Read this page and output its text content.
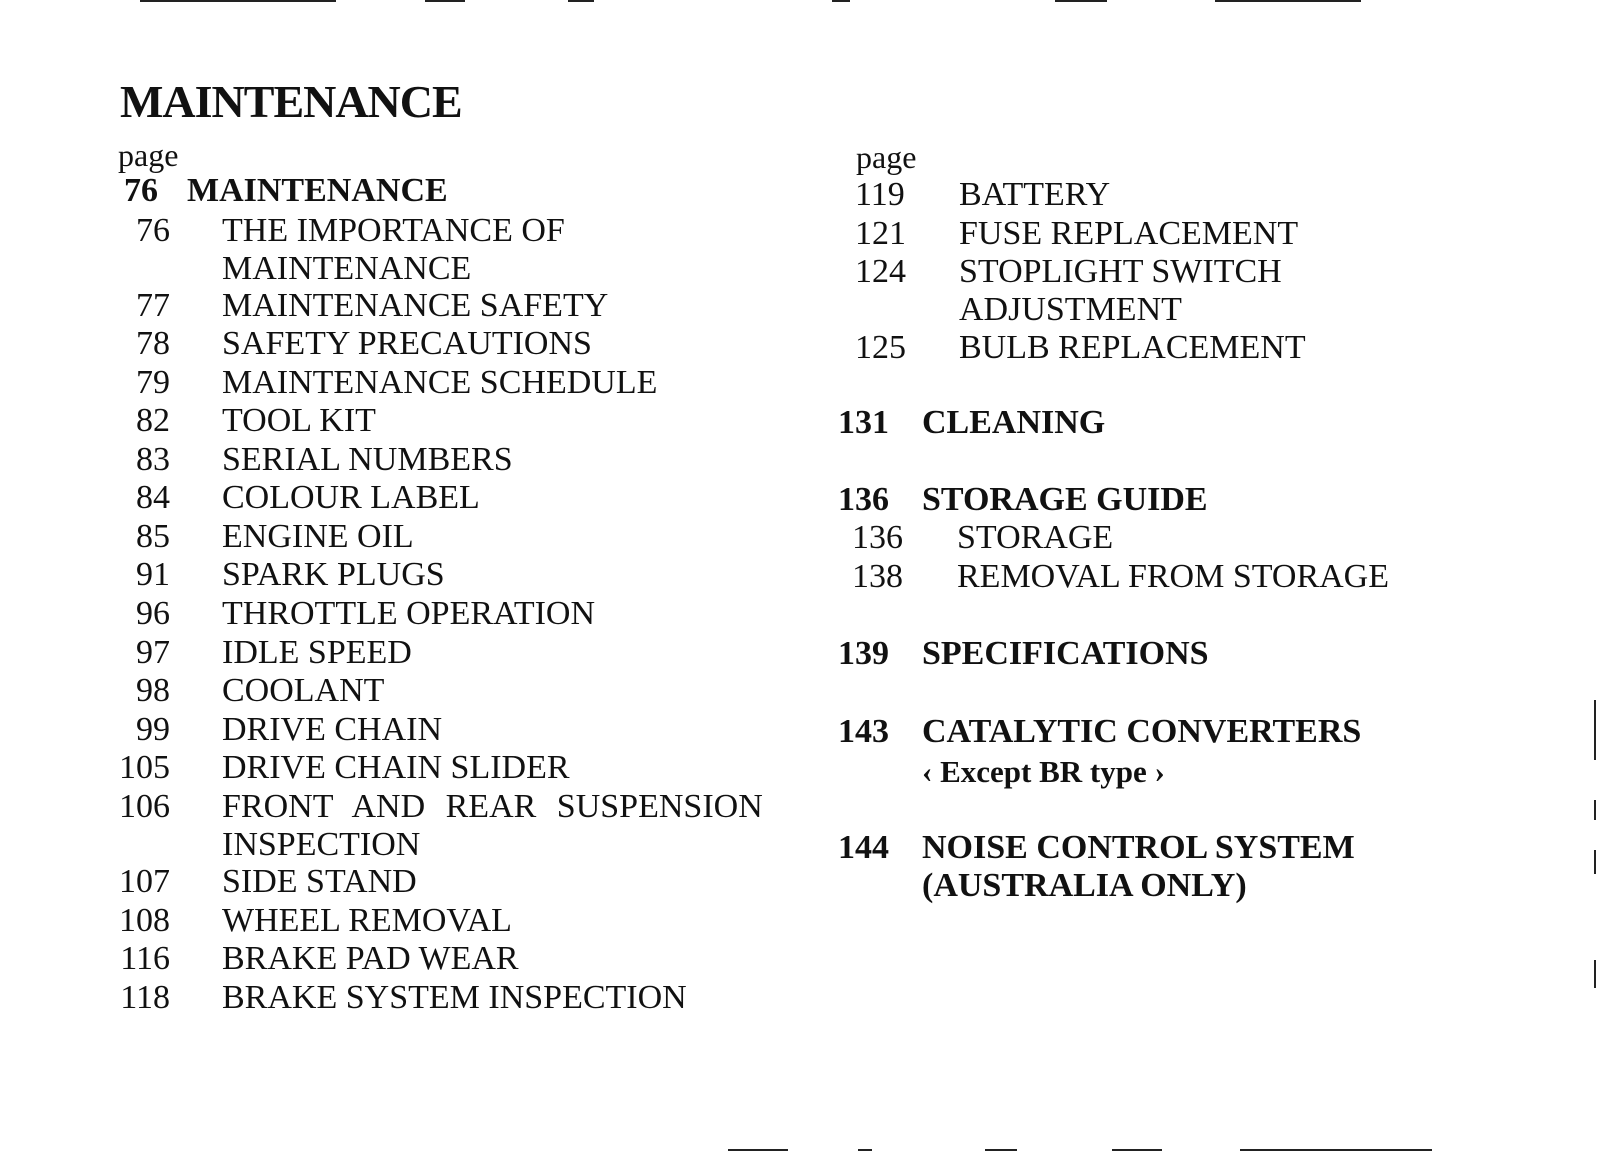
MAINTENANCE
page
76 MAINTENANCE
76 THE IMPORTANCE OF
MAINTENANCE
77 MAINTENANCE SAFETY
78 SAFETY PRECAUTIONS
79 MAINTENANCE SCHEDULE
82 TOOL KIT
83 SERIAL NUMBERS
84 COLOUR LABEL
85 ENGINE OIL
91 SPARK PLUGS
96 THROTTLE OPERATION
97 IDLE SPEED
98 COOLANT
99 DRIVE CHAIN
105 DRIVE CHAIN SLIDER
106 FRONT AND REAR SUSPENSION
INSPECTION
107 SIDE STAND
108 WHEEL REMOVAL
116 BRAKE PAD WEAR
118 BRAKE SYSTEM INSPECTION
page
119 BATTERY
121 FUSE REPLACEMENT
124 STOPLIGHT SWITCH
ADJUSTMENT
125 BULB REPLACEMENT
131 CLEANING
136 STORAGE GUIDE
136 STORAGE
138 REMOVAL FROM STORAGE
139 SPECIFICATIONS
143 CATALYTIC CONVERTERS
‹ Except BR type ›
144 NOISE CONTROL SYSTEM
(AUSTRALIA ONLY)
